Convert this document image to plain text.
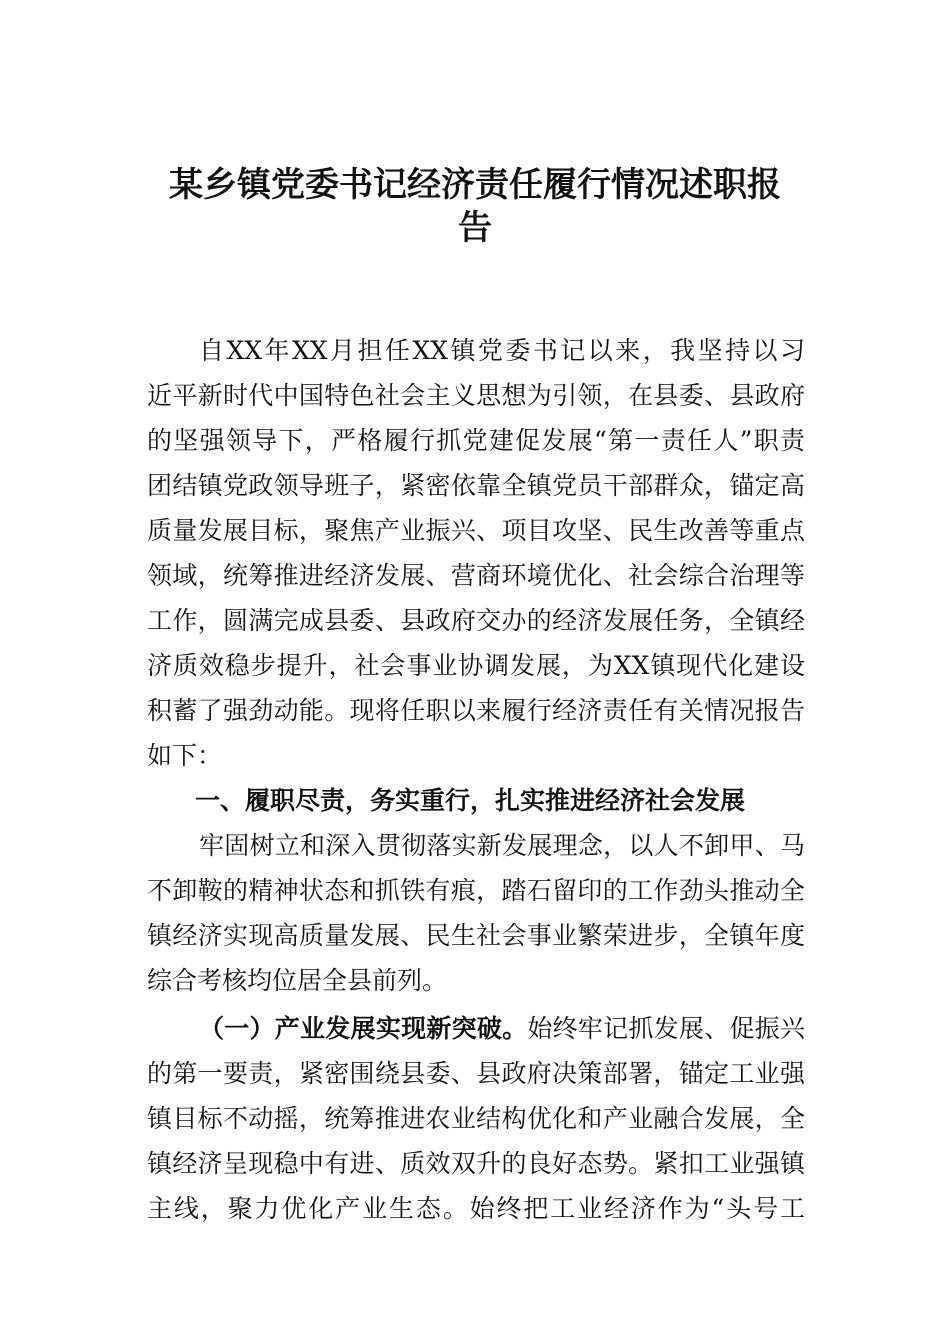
某乡镇党委书记经济责任履行情况述职报
告
自XX年XX月担任XX镇党委书记以来，我坚持以习
近平新时代中国特色社会主义思想为引领，在县委、县政府
的坚强领导下，严格履行抓党建促发展“第一责任人”职责
团结镇党政领导班子，紧密依靠全镇党员干部群众，锚定高
质量发展目标，聚焦产业振兴、项目攻坚、民生改善等重点
领域，统筹推进经济发展、营商环境优化、社会综合治理等
工作，圆满完成县委、县政府交办的经济发展任务，全镇经
济质效稳步提升，社会事业协调发展，为XX镇现代化建设
积蓄了强劲动能。现将任职以来履行经济责任有关情况报告
如下：
一、履职尽责，务实重行，扎实推进经济社会发展
牢固树立和深入贯彻落实新发展理念，以人不卸甲、马
不卸鞍的精神状态和抓铁有痕，踏石留印的工作劲头推动全
镇经济实现高质量发展、民生社会事业繁荣进步，全镇年度
综合考核均位居全县前列。
（一）产业发展实现新突破。始终牢记抓发展、促振兴
的第一要责，紧密围绕县委、县政府决策部署，锚定工业强
镇目标不动摇，统筹推进农业结构优化和产业融合发展，全
镇经济呈现稳中有进、质效双升的良好态势。紧扣工业强镇
主线，聚力优化产业生态。始终把工业经济作为“头号工
